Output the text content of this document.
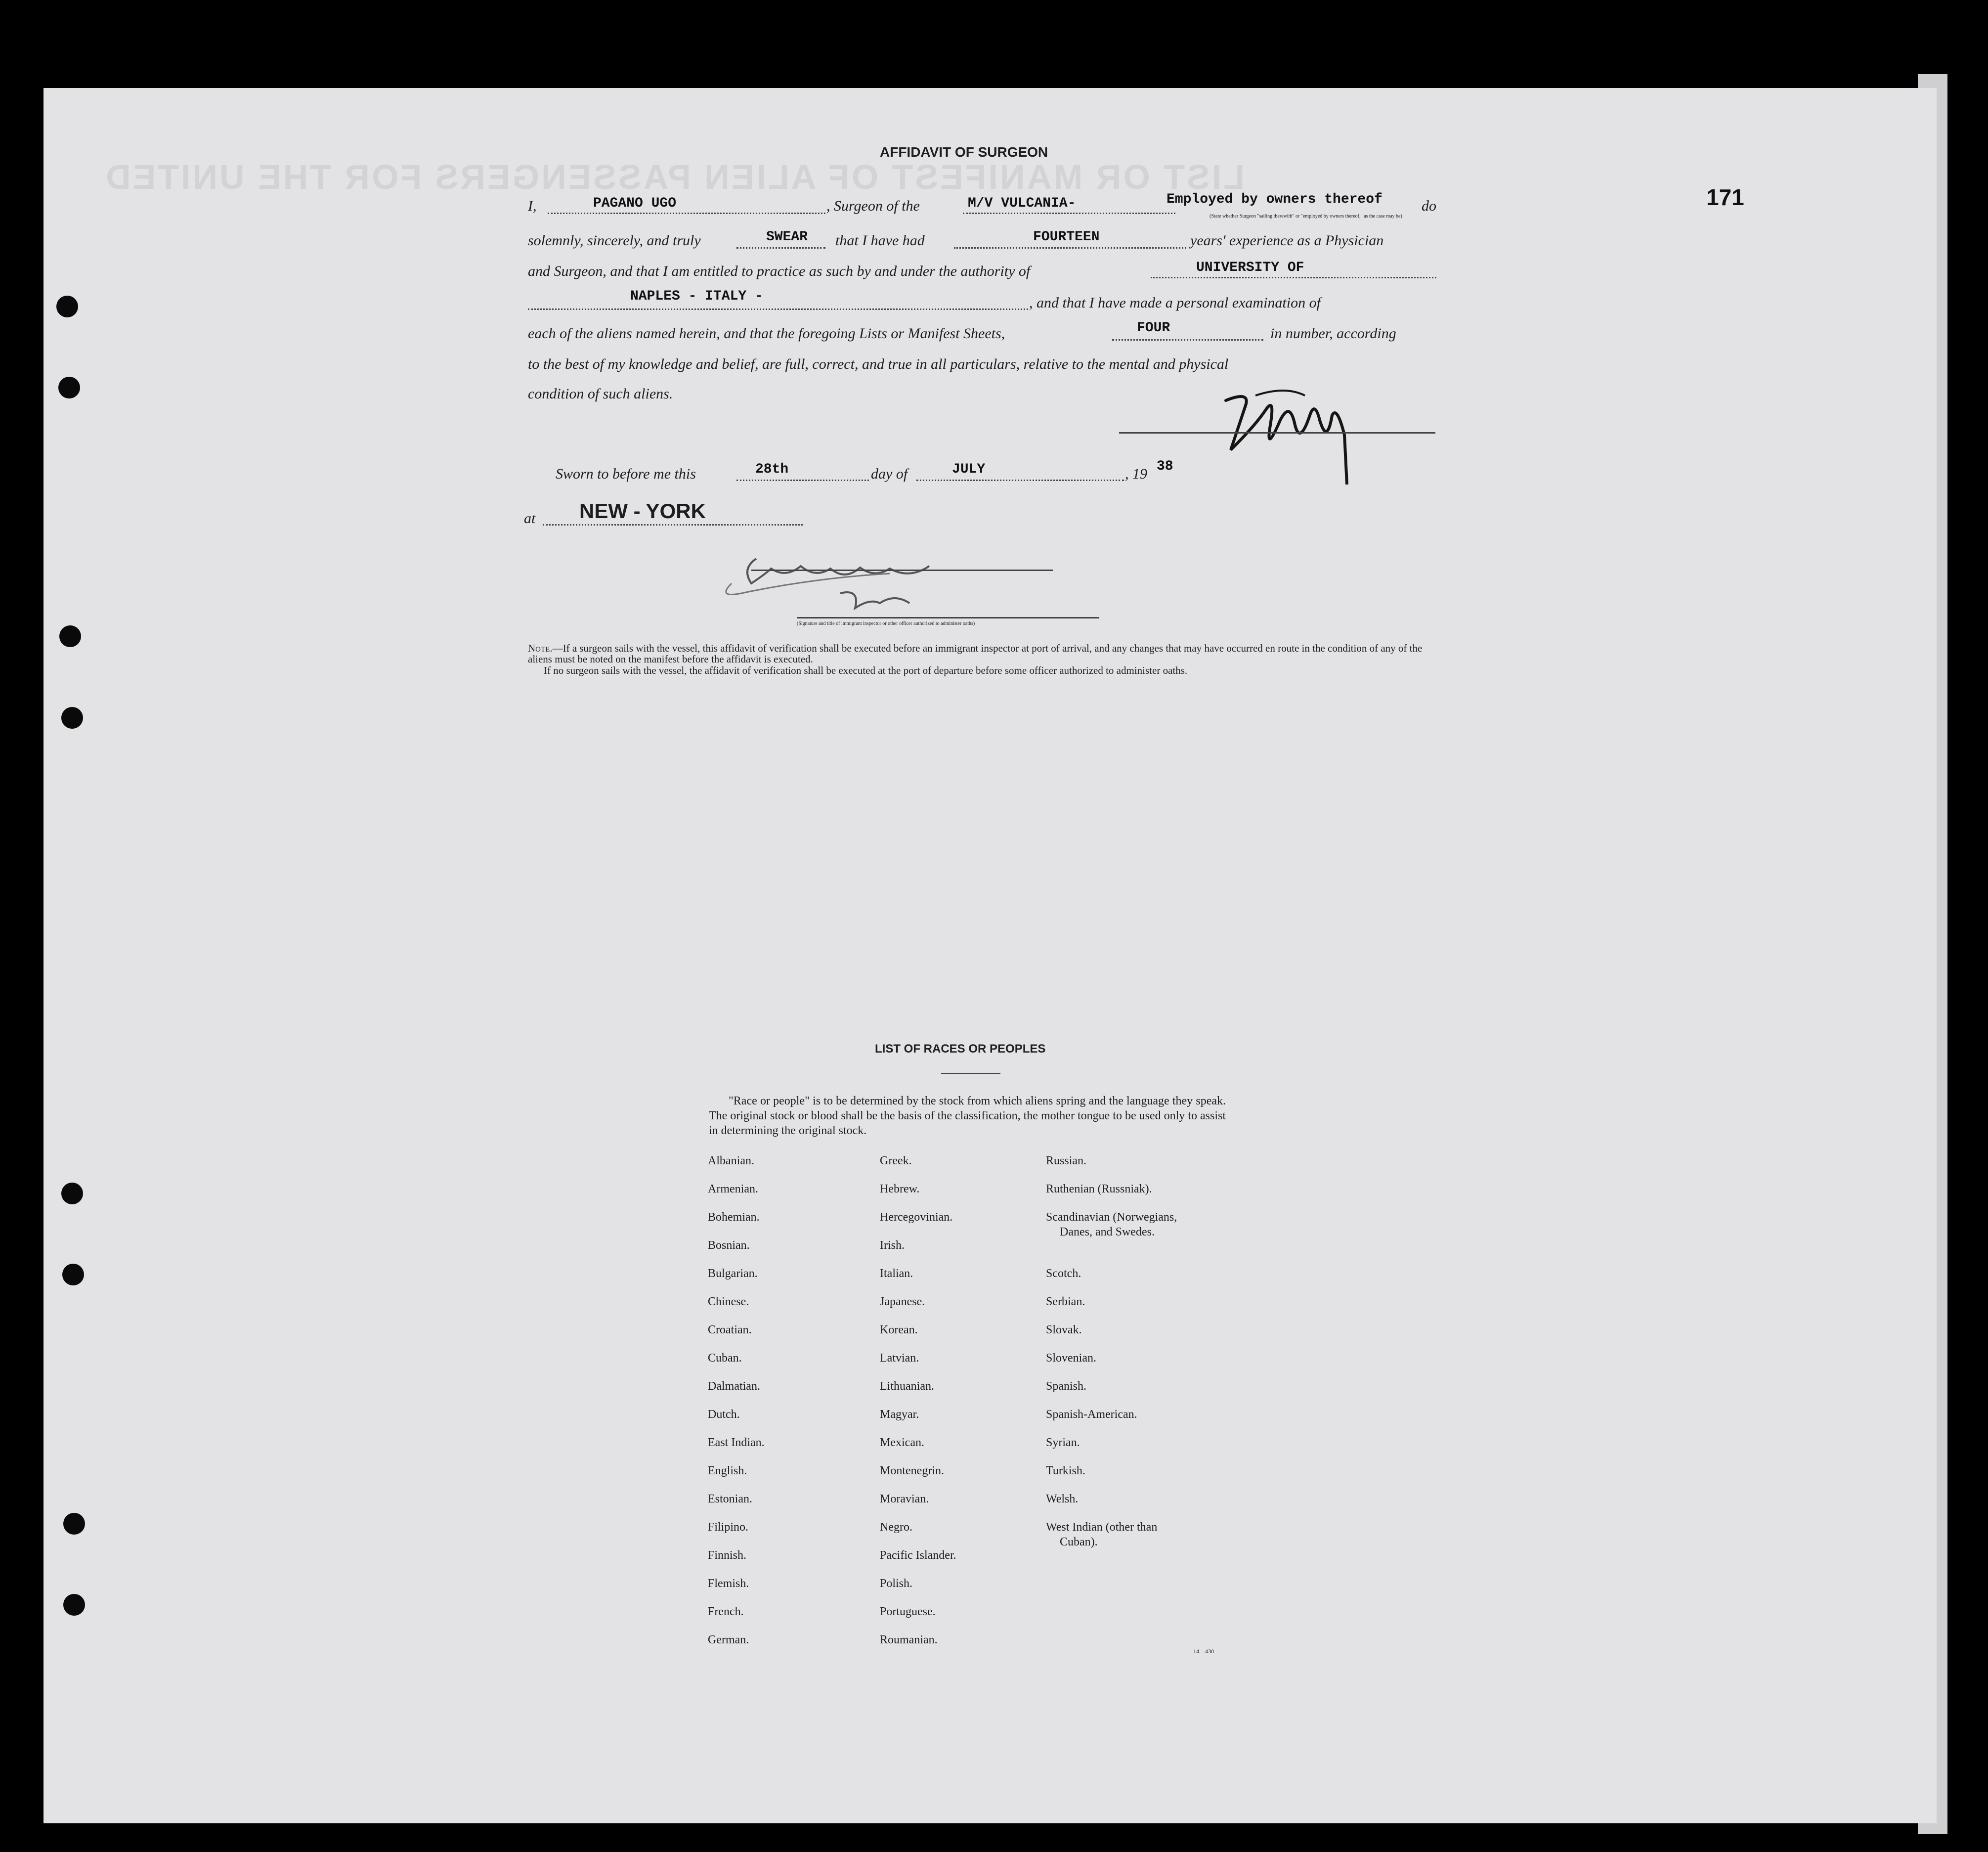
LIST OR MANIFEST OF ALIEN PASSENGERS FOR THE UNITED
171
AFFIDAVIT OF SURGEON
I,	PAGANO UGO	, Surgeon of the	M/V VULCANIA-	Employed by owners thereof	do
(State whether Surgeon "sailing therewith" or "employed by owners thereof," as the case may be)
solemnly, sincerely, and truly	SWEAR that I have had	FOURTEEN	years' experience as a Physician
and Surgeon, and that I am entitled to practice as such by and under the authority of	UNIVERSITY OF
NAPLES - ITALY -	, and that I have made a personal examination of
each of the aliens named herein, and that the foregoing Lists or Manifest Sheets,	FOUR	in number, according
to the best of my knowledge and belief, are full, correct, and true in all particulars, relative to the mental and physical
condition of such aliens.
Sworn to before me this	28th	day of	JULY	, 19 38
at NEW - YORK
(Signature and title of immigrant inspector or other officer authorized to administer oaths)
Note.—If a surgeon sails with the vessel, this affidavit of verification shall be executed before an immigrant inspector at port of arrival, and any changes that may have occurred en route in the condition of any of the aliens must be noted on the manifest before the affidavit is executed.
If no surgeon sails with the vessel, the affidavit of verification shall be executed at the port of departure before some officer authorized to administer oaths.
LIST OF RACES OR PEOPLES
"Race or people" is to be determined by the stock from which aliens spring and the language they speak. The original stock or blood shall be the basis of the classification, the mother tongue to be used only to assist in determining the original stock.
Albanian.
Armenian.
Bohemian.
Bosnian.
Bulgarian.
Chinese.
Croatian.
Cuban.
Dalmatian.
Dutch.
East Indian.
English.
Estonian.
Filipino.
Finnish.
Flemish.
French.
German.
Greek.
Hebrew.
Hercegovinian.
Irish.
Italian.
Japanese.
Korean.
Latvian.
Lithuanian.
Magyar.
Mexican.
Montenegrin.
Moravian.
Negro.
Pacific Islander.
Polish.
Portuguese.
Roumanian.
Russian.
Ruthenian (Russniak).
Scandinavian (Norwegians,
Danes, and Swedes.
Scotch.
Serbian.
Slovak.
Slovenian.
Spanish.
Spanish-American.
Syrian.
Turkish.
Welsh.
West Indian (other than
Cuban).
14—430
